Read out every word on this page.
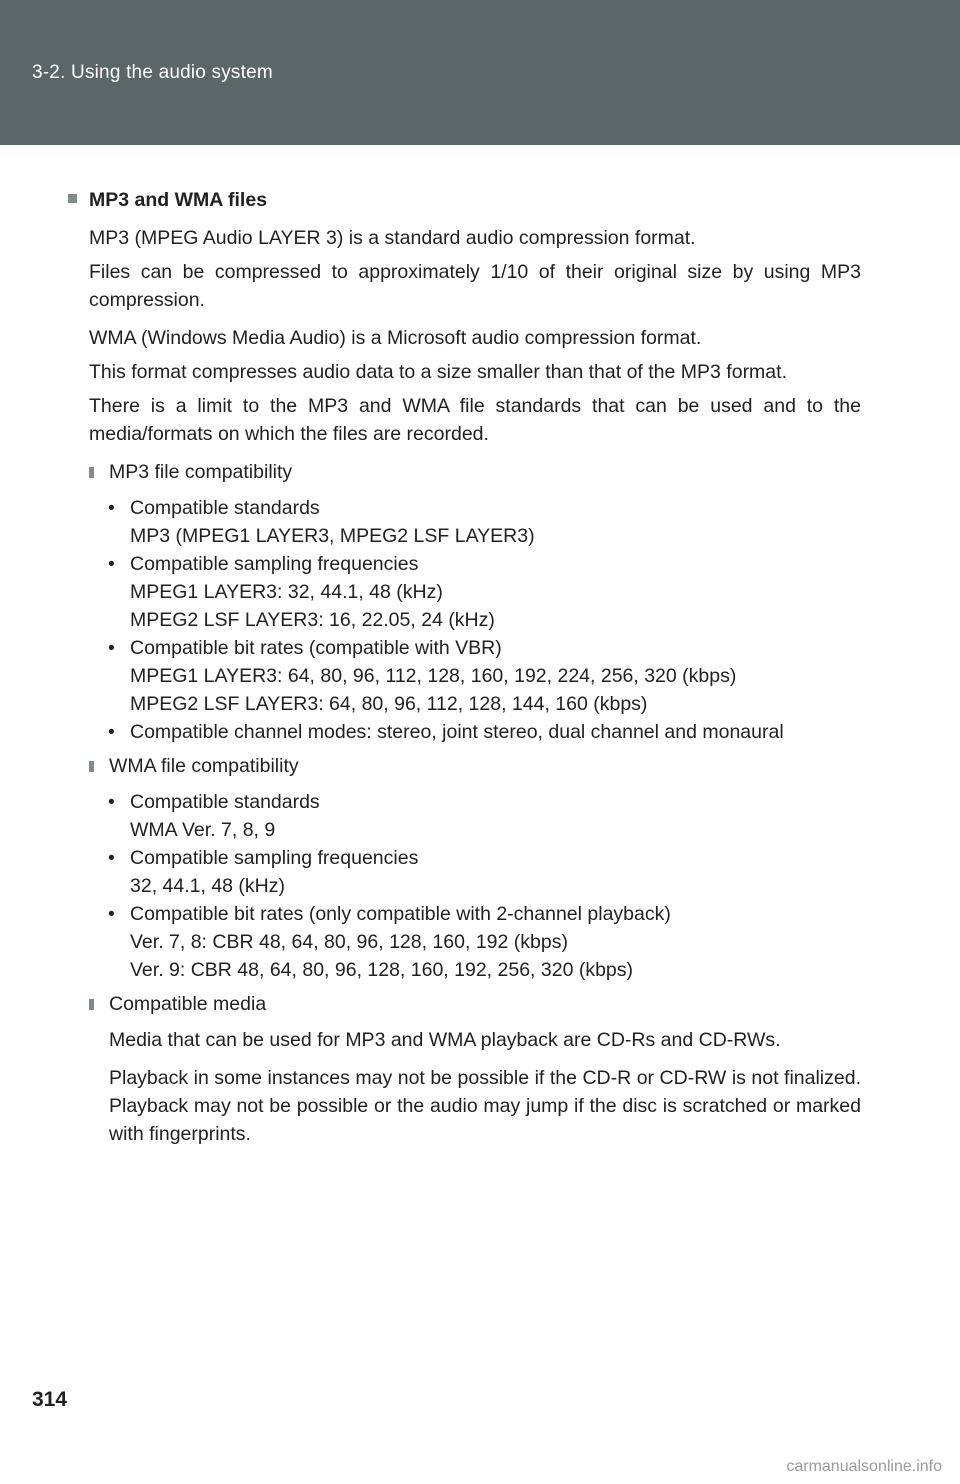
3-2. Using the audio system
MP3 and WMA files

MP3 (MPEG Audio LAYER 3) is a standard audio compression format.

Files can be compressed to approximately 1/10 of their original size by using MP3 compression.

WMA (Windows Media Audio) is a Microsoft audio compression format.

This format compresses audio data to a size smaller than that of the MP3 format.

There is a limit to the MP3 and WMA file standards that can be used and to the media/formats on which the files are recorded.

MP3 file compatibility
• Compatible standards
MP3 (MPEG1 LAYER3, MPEG2 LSF LAYER3)
• Compatible sampling frequencies
MPEG1 LAYER3: 32, 44.1, 48 (kHz)
MPEG2 LSF LAYER3: 16, 22.05, 24 (kHz)
• Compatible bit rates (compatible with VBR)
MPEG1 LAYER3: 64, 80, 96, 112, 128, 160, 192, 224, 256, 320 (kbps)
MPEG2 LSF LAYER3: 64, 80, 96, 112, 128, 144, 160 (kbps)
• Compatible channel modes: stereo, joint stereo, dual channel and monaural
WMA file compatibility
• Compatible standards
WMA Ver. 7, 8, 9
• Compatible sampling frequencies
32, 44.1, 48 (kHz)
• Compatible bit rates (only compatible with 2-channel playback)
Ver. 7, 8: CBR 48, 64, 80, 96, 128, 160, 192 (kbps)
Ver. 9: CBR 48, 64, 80, 96, 128, 160, 192, 256, 320 (kbps)
Compatible media

Media that can be used for MP3 and WMA playback are CD-Rs and CD-RWs.

Playback in some instances may not be possible if the CD-R or CD-RW is not finalized. Playback may not be possible or the audio may jump if the disc is scratched or marked with fingerprints.

314
carmanualsonline.info
